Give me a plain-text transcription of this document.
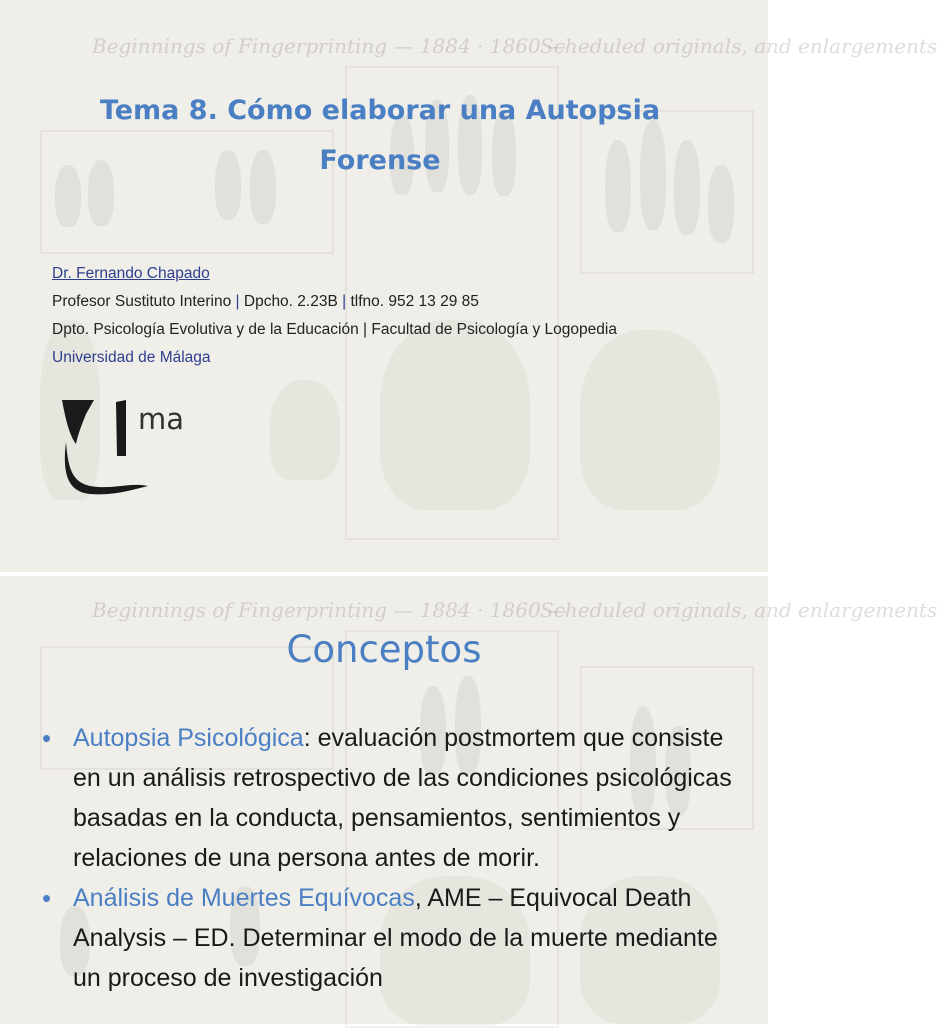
Beginnings of Fingerprinting — 1884 · 1860 —
Scheduled originals, and enlargements
Tema 8. Cómo elaborar una Autopsia Forense
Dr. Fernando Chapado
Profesor Sustituto Interino | Dpcho. 2.23B | tlfno. 952 13 29 85
Dpto. Psicología Evolutiva y de la Educación | Facultad de Psicología y Logopedia
Universidad de Málaga
ma
Beginnings of Fingerprinting — 1884 · 1860 —
Scheduled originals, and enlargements
Conceptos
• Autopsia Psicológica: evaluación postmortem que consiste en un análisis retrospectivo de las condiciones psicológicas basadas en la conducta, pensamientos, sentimientos y relaciones de una persona antes de morir.
• Análisis de Muertes Equívocas, AME – Equivocal Death Analysis – ED. Determinar el modo de la muerte mediante un proceso de investigación
